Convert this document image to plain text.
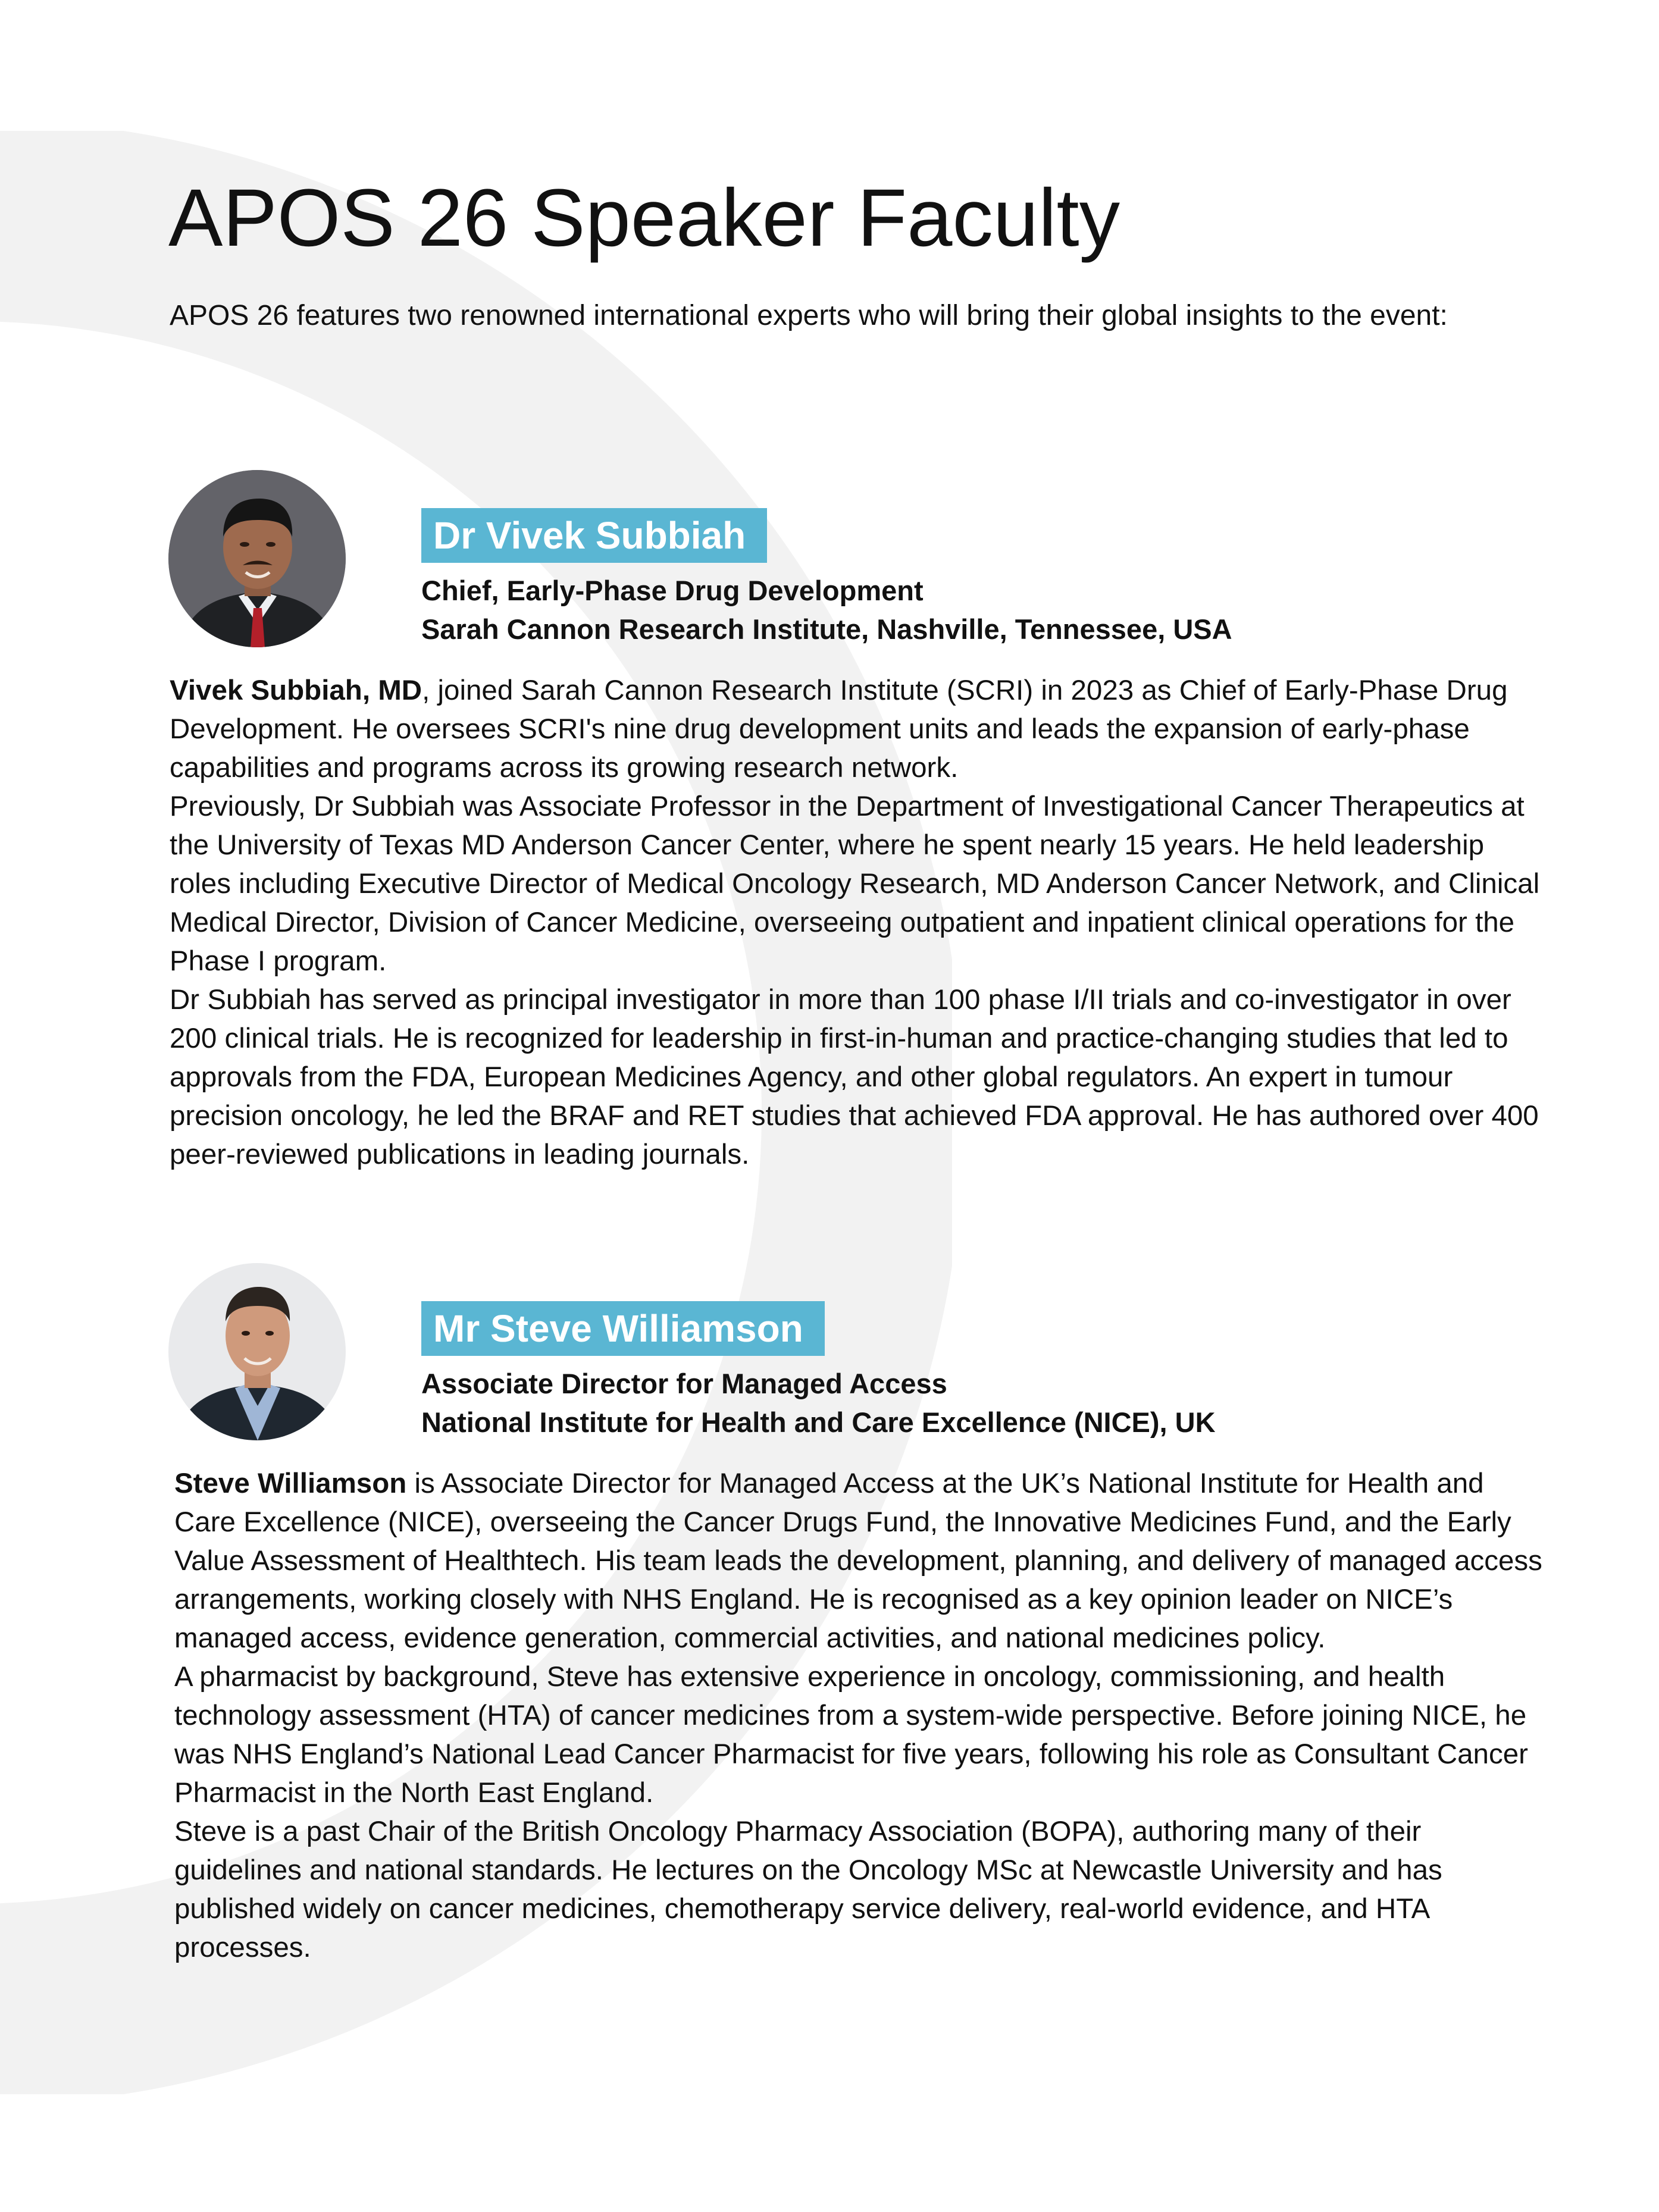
APOS 26 Speaker Faculty
APOS 26 features two renowned international experts who will bring their global insights to the event:
Dr Vivek Subbiah
Chief, Early-Phase Drug Development
Sarah Cannon Research Institute, Nashville, Tennessee, USA

Vivek Subbiah, MD, joined Sarah Cannon Research Institute (SCRI) in 2023 as Chief of Early-Phase Drug Development. He oversees SCRI's nine drug development units and leads the expansion of early-phase capabilities and programs across its growing research network.

Previously, Dr Subbiah was Associate Professor in the Department of Investigational Cancer Therapeutics at the University of Texas MD Anderson Cancer Center, where he spent nearly 15 years. He held leadership roles including Executive Director of Medical Oncology Research, MD Anderson Cancer Network, and Clinical Medical Director, Division of Cancer Medicine, overseeing outpatient and inpatient clinical operations for the Phase I program.

Dr Subbiah has served as principal investigator in more than 100 phase I/II trials and co-investigator in over 200 clinical trials. He is recognized for leadership in first-in-human and practice-changing studies that led to approvals from the FDA, European Medicines Agency, and other global regulators. An expert in tumour precision oncology, he led the BRAF and RET studies that achieved FDA approval. He has authored over 400 peer-reviewed publications in leading journals.

Mr Steve Williamson
Associate Director for Managed Access
National Institute for Health and Care Excellence (NICE), UK

Steve Williamson is Associate Director for Managed Access at the UK’s National Institute for Health and Care Excellence (NICE), overseeing the Cancer Drugs Fund, the Innovative Medicines Fund, and the Early Value Assessment of Healthtech. His team leads the development, planning, and delivery of managed access arrangements, working closely with NHS England. He is recognised as a key opinion leader on NICE’s managed access, evidence generation, commercial activities, and national medicines policy.

A pharmacist by background, Steve has extensive experience in oncology, commissioning, and health technology assessment (HTA) of cancer medicines from a system-wide perspective. Before joining NICE, he was NHS England’s National Lead Cancer Pharmacist for five years, following his role as Consultant Cancer Pharmacist in the North East England.

Steve is a past Chair of the British Oncology Pharmacy Association (BOPA), authoring many of their guidelines and national standards. He lectures on the Oncology MSc at Newcastle University and has published widely on cancer medicines, chemotherapy service delivery, real-world evidence, and HTA processes.
